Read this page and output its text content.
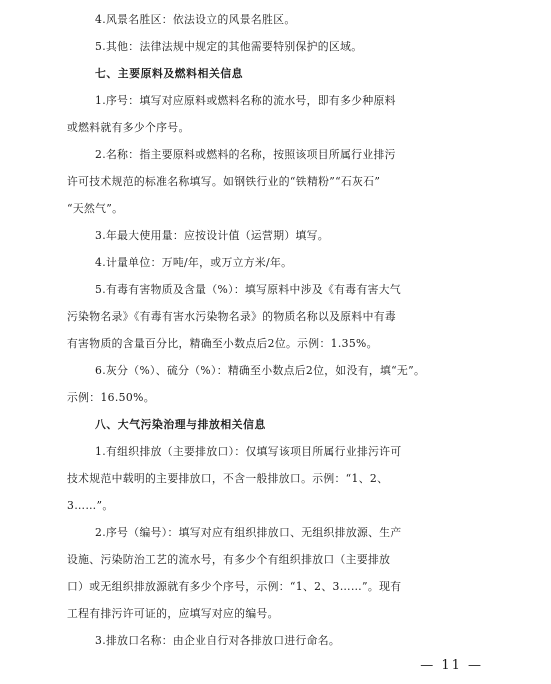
4.风景名胜区：依法设立的风景名胜区。
5.其他：法律法规中规定的其他需要特别保护的区域。
七、主要原料及燃料相关信息
1.序号：填写对应原料或燃料名称的流水号，即有多少种原料
或燃料就有多少个序号。
2.名称：指主要原料或燃料的名称，按照该项目所属行业排污
许可技术规范的标准名称填写。如钢铁行业的“铁精粉”“石灰石”
“天然气”。
3.年最大使用量：应按设计值（运营期）填写。
4.计量单位：万吨/年，或万立方米/年。
5.有毒有害物质及含量（%）：填写原料中涉及《有毒有害大气
污染物名录》《有毒有害水污染物名录》的物质名称以及原料中有毒
有害物质的含量百分比，精确至小数点后2位。示例：1.35%。
6.灰分（%）、硫分（%）：精确至小数点后2位，如没有，填“无”。
示例：16.50%。
八、大气污染治理与排放相关信息
1.有组织排放（主要排放口）：仅填写该项目所属行业排污许可
技术规范中载明的主要排放口，不含一般排放口。示例：“1、2、
3……”。
2.序号（编号）：填写对应有组织排放口、无组织排放源、生产
设施、污染防治工艺的流水号，有多少个有组织排放口（主要排放
口）或无组织排放源就有多少个序号，示例：“1、2、3……”。现有
工程有排污许可证的，应填写对应的编号。
3.排放口名称：由企业自行对各排放口进行命名。
— 11 —
